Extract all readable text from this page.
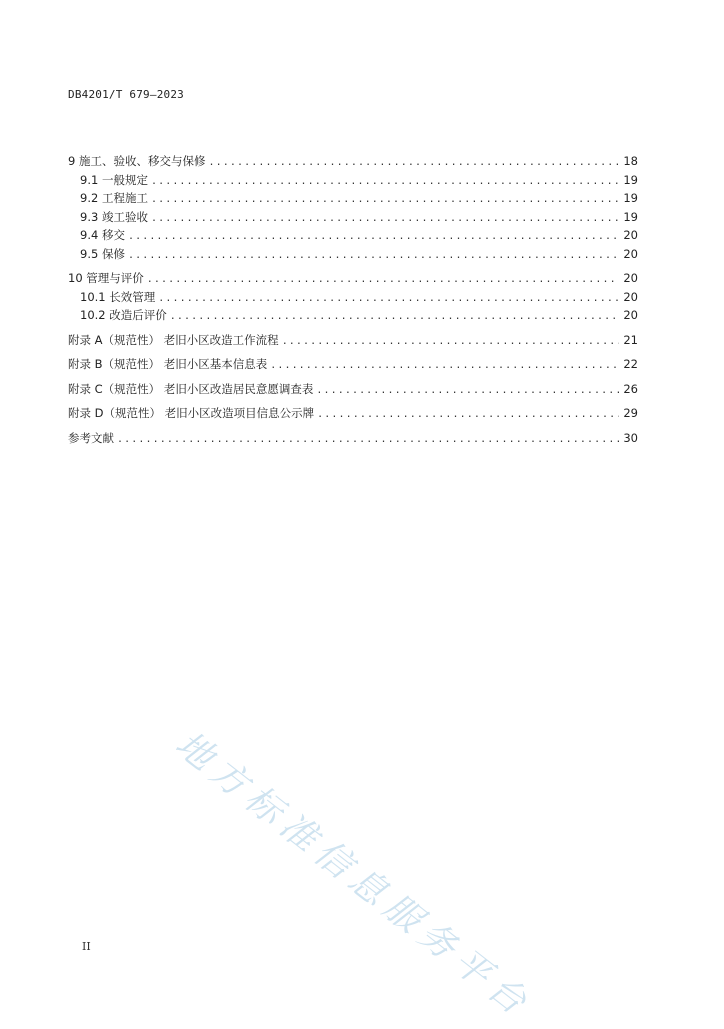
DB4201/T 679—2023
9 施工、验收、移交与保修 .....	18
9.1 一般规定 .....	19
9.2 工程施工 .....	19
9.3 竣工验收 .....	19
9.4 移交 .....	20
9.5 保修 .....	20
10 管理与评价 .....	20
10.1 长效管理 .....	20
10.2 改造后评价 .....	20
附录 A（规范性） 老旧小区改造工作流程 .....	21
附录 B（规范性） 老旧小区基本信息表 .....	22
附录 C（规范性） 老旧小区改造居民意愿调查表 .....	26
附录 D（规范性） 老旧小区改造项目信息公示牌 .....	29
参考文献 .....	30
地方标准信息服务平台
II
